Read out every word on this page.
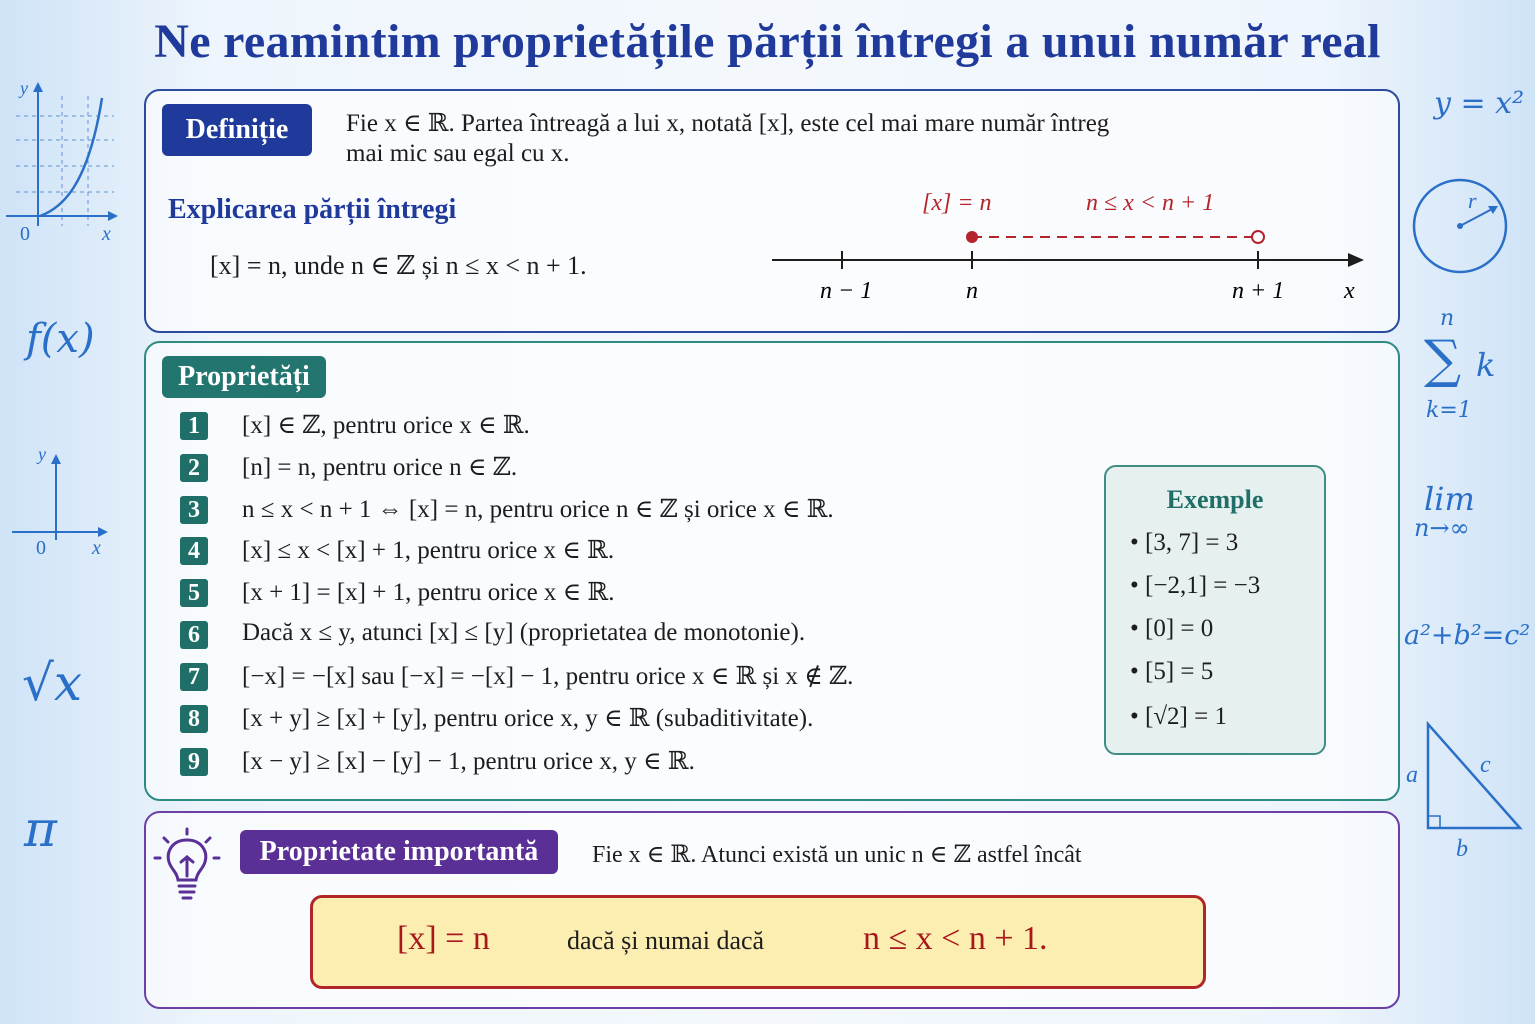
Ne reamintim proprietățile părții întregi a unui număr real
Definiție	Fie x ∈ ℝ. Partea întreagă a lui x, notată [x], este cel mai mare număr întreg
mai mic sau egal cu x.
Explicarea părții întregi
[x] = n, unde n ∈ ℤ și n ≤ x < n + 1.
[x] = n	n ≤ x < n + 1
n − 1	n	n + 1 x
Proprietăți
1	[x] ∈ ℤ, pentru orice x ∈ ℝ.
2	[n] = n, pentru orice n ∈ ℤ.
3	n ≤ x < n + 1 ⇔ [x] = n, pentru orice n ∈ ℤ și orice x ∈ ℝ.
4	[x] ≤ x < [x] + 1, pentru orice x ∈ ℝ.
5	[x + 1] = [x] + 1, pentru orice x ∈ ℝ.
6	Dacă x ≤ y, atunci [x] ≤ [y] (proprietatea de monotonie).
7	[−x] = −[x] sau [−x] = −[x] − 1, pentru orice x ∈ ℝ și x ∉ ℤ.
8	[x + y] ≥ [x] + [y], pentru orice x, y ∈ ℝ (subaditivitate).
9	[x − y] ≥ [x] − [y] − 1, pentru orice x, y ∈ ℝ.
Exemple
• [3, 7] = 3
• [−2,1] = −3
• [0] = 0
• [5] = 5
• [√2] = 1
Proprietate importantă	Fie x ∈ ℝ. Atunci există un unic n ∈ ℤ astfel încât
[x] = n	dacă și numai dacă	n ≤ x < n + 1.
y
x
0
f(x)
y
x
0
√x
π
y = x²
r
n
∑ k
k=1
lim
n→∞
a²+b²=c²
a	c
b
